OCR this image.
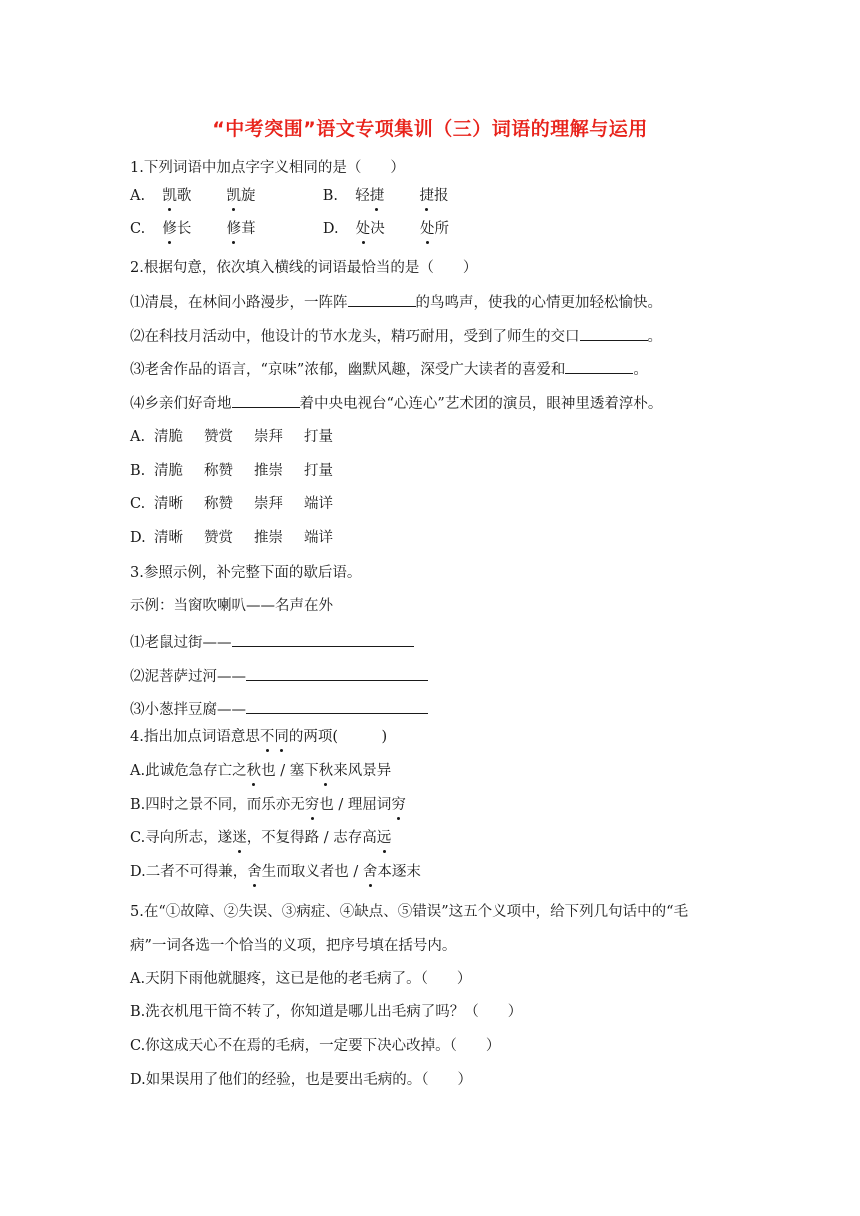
“中考突围”语文专项集训（三）词语的理解与运用
1.下列词语中加点字字义相同的是（　　）
A. 凯歌 凯旋	B. 轻捷 捷报
C. 修长 修葺	D. 处决 处所
2.根据句意，依次填入横线的词语最恰当的是（　　）
⑴清晨，在林间小路漫步，一阵阵	的鸟鸣声，使我的心情更加轻松愉快。
⑵在科技月活动中，他设计的节水龙头，精巧耐用，受到了师生的交口	。
⑶老舍作品的语言，“京味”浓郁，幽默风趣，深受广大读者的喜爱和	。
⑷乡亲们好奇地	着中央电视台“心连心”艺术团的演员，眼神里透着淳朴。
A. 清脆 赞赏 崇拜 打量
B. 清脆 称赞 推崇 打量
C. 清晰 称赞 崇拜 端详
D. 清晰 赞赏 推崇 端详
3.参照示例，补完整下面的歇后语。
示例：当窗吹喇叭——名声在外
⑴老鼠过街——
⑵泥菩萨过河——
⑶小葱拌豆腐——
4.指出加点词语意思不同的两项(　　　)
A.此诚危急存亡之秋也 / 塞下秋来风景异
B.四时之景不同，而乐亦无穷也 / 理屈词穷
C.寻向所志，遂迷，不复得路 / 志存高远
D.二者不可得兼，舍生而取义者也 / 舍本逐末
5.在“①故障、②失误、③病症、④缺点、⑤错误”这五个义项中，给下列几句话中的“毛
病”一词各选一个恰当的义项，把序号填在括号内。
A.天阴下雨他就腿疼，这已是他的老毛病了。（　　）
B.洗衣机甩干筒不转了，你知道是哪儿出毛病了吗？（　　）
C.你这成天心不在焉的毛病，一定要下决心改掉。（　　）
D.如果误用了他们的经验，也是要出毛病的。（　　）
